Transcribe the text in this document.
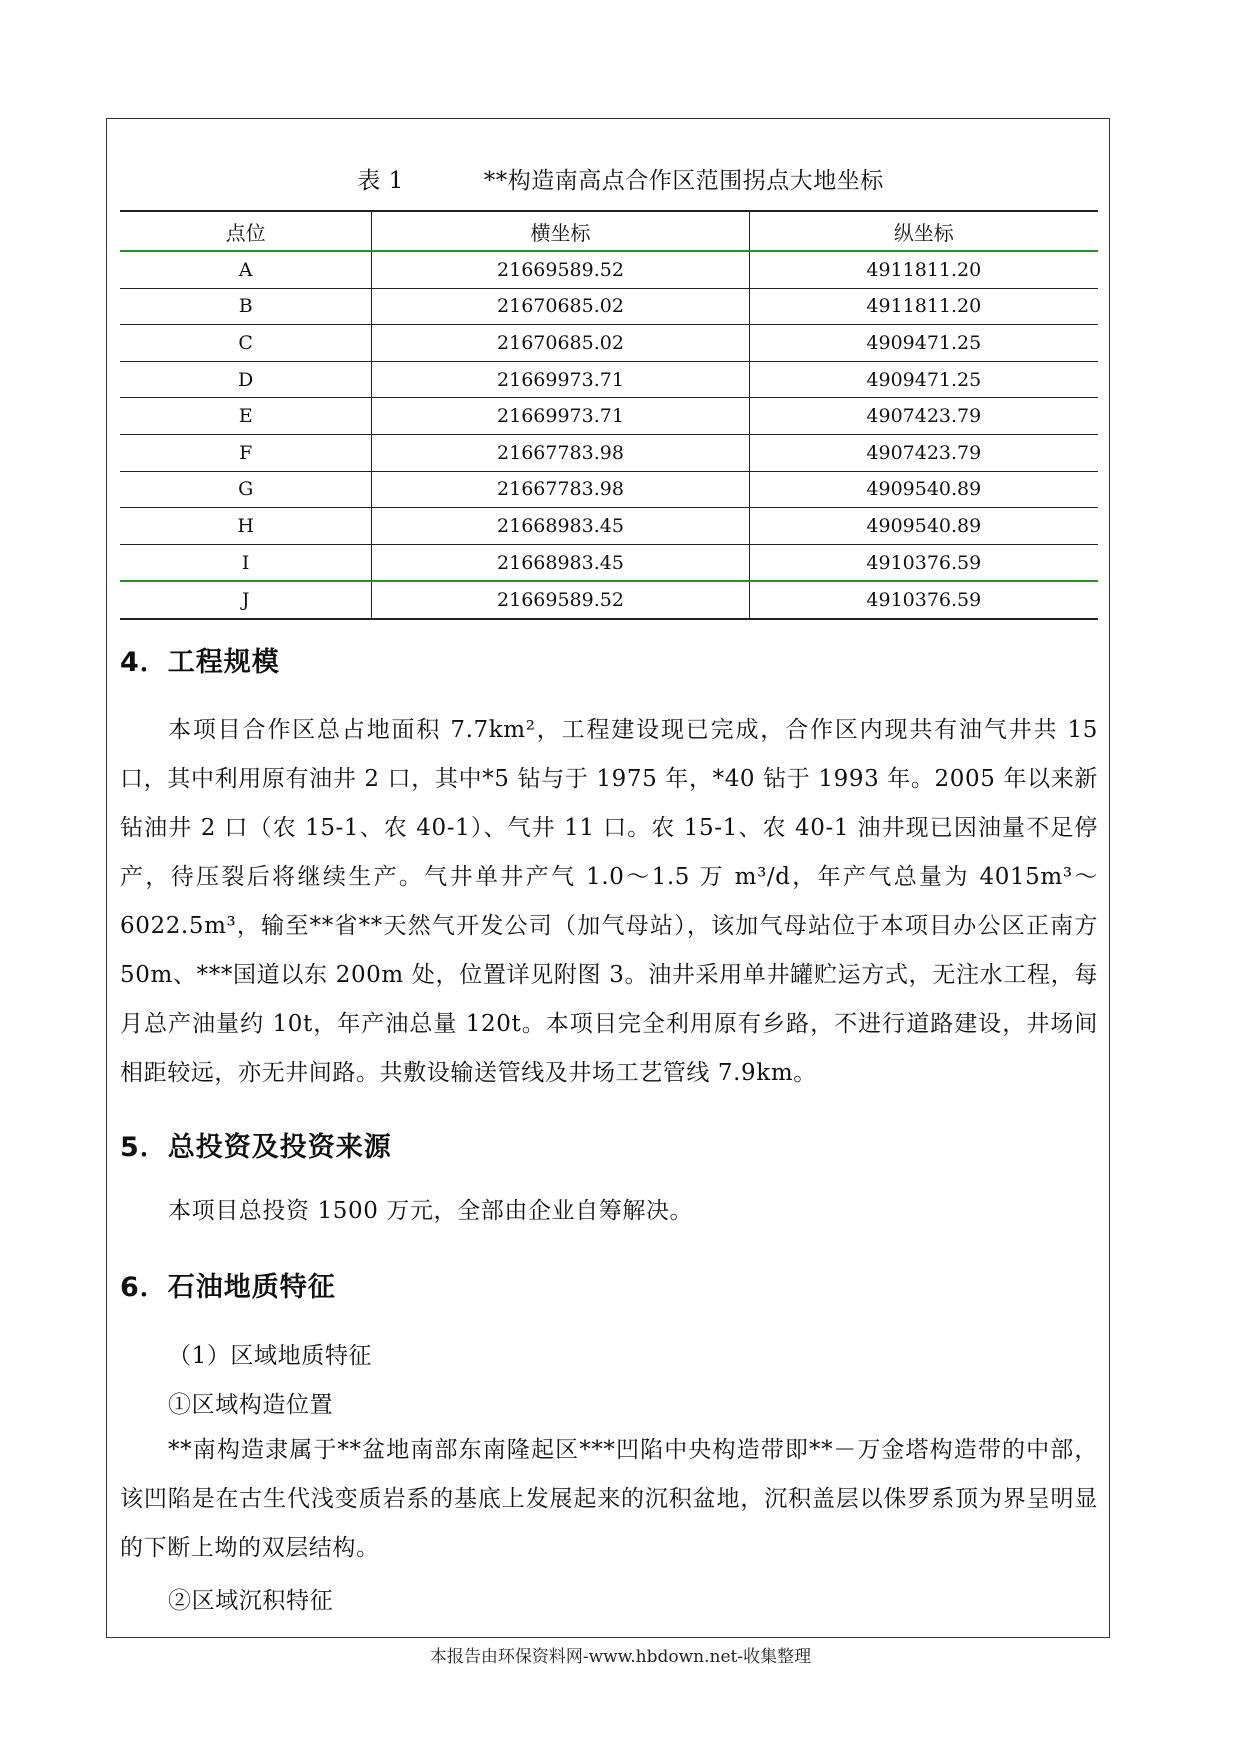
表 1	**构造南高点合作区范围拐点大地坐标
点位	横坐标	纵坐标
A	21669589.52	4911811.20
B	21670685.02	4911811.20
C	21670685.02	4909471.25
D	21669973.71	4909471.25
E	21669973.71	4907423.79
F	21667783.98	4907423.79
G	21667783.98	4909540.89
H	21668983.45	4909540.89
I	21668983.45	4910376.59
J	21669589.52	4910376.59
4．工程规模

本项目合作区总占地面积 7.7km²，工程建设现已完成，合作区内现共有油气井共 15 口，其中利用原有油井 2 口，其中*5 钻与于 1975 年，*40 钻于 1993 年。2005 年以来新钻油井 2 口（农 15-1、农 40-1）、气井 11 口。农 15-1、农 40-1 油井现已因油量不足停产，待压裂后将继续生产。气井单井产气 1.0～1.5 万 m³/d，年产气总量为 4015m³～6022.5m³，输至**省**天然气开发公司（加气母站），该加气母站位于本项目办公区正南方 50m、***国道以东 200m 处，位置详见附图 3。油井采用单井罐贮运方式，无注水工程，每月总产油量约 10t，年产油总量 120t。本项目完全利用原有乡路，不进行道路建设，井场间相距较远，亦无井间路。共敷设输送管线及井场工艺管线 7.9km。

5．总投资及投资来源

本项目总投资 1500 万元，全部由企业自筹解决。

6．石油地质特征
（1）区域地质特征
①区域构造位置

**南构造隶属于**盆地南部东南隆起区***凹陷中央构造带即**－万金塔构造带的中部，该凹陷是在古生代浅变质岩系的基底上发展起来的沉积盆地，沉积盖层以侏罗系顶为界呈明显的下断上坳的双层结构。

②区域沉积特征
本报告由环保资料网-www.hbdown.net-收集整理
